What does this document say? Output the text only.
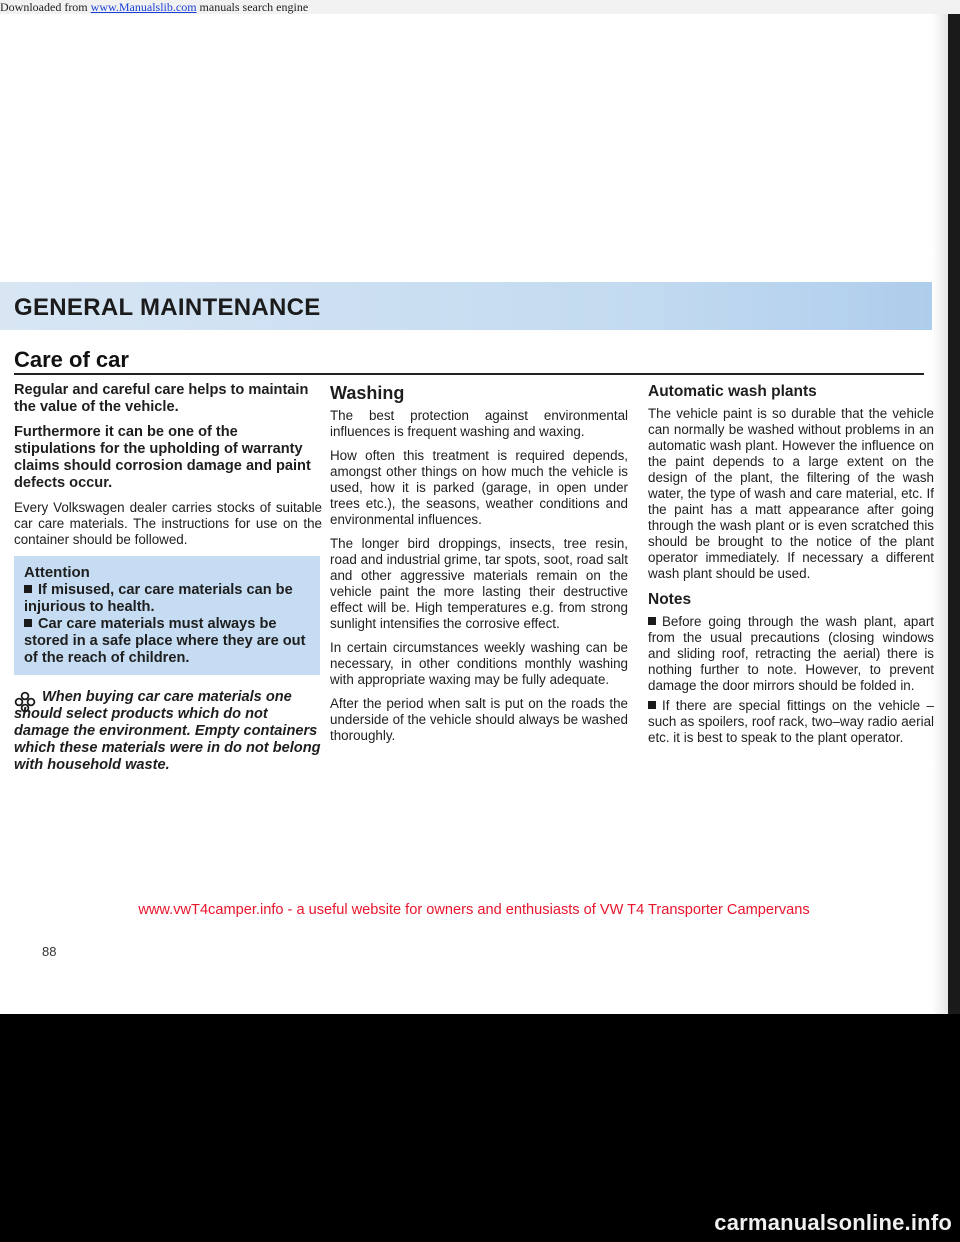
Downloaded from www.Manualslib.com manuals search engine
GENERAL MAINTENANCE
Care of car

Regular and careful care helps to maintain the value of the vehicle.

Furthermore it can be one of the stipulations for the upholding of warranty claims should corrosion damage and paint defects occur.

Every Volkswagen dealer carries stocks of suitable car care materials. The instructions for use on the container should be followed.

Attention
If misused, car care materials can be injurious to health.
Car care materials must always be stored in a safe place where they are out of the reach of children.

When buying car care materials one should select products which do not damage the environment. Empty containers which these materials were in do not belong with household waste.

Washing

The best protection against environmental influences is frequent washing and waxing.

How often this treatment is required depends, amongst other things on how much the vehicle is used, how it is parked (garage, in open under trees etc.), the seasons, weather conditions and environmental influences.

The longer bird droppings, insects, tree resin, road and industrial grime, tar spots, soot, road salt and other aggressive materials remain on the vehicle paint the more lasting their destructive effect will be. High temperatures e.g. from strong sunlight intensifies the corrosive effect.

In certain circumstances weekly washing can be necessary, in other conditions monthly washing with appropriate waxing may be fully adequate.

After the period when salt is put on the roads the underside of the vehicle should always be washed thoroughly.

Automatic wash plants

The vehicle paint is so durable that the vehicle can normally be washed without problems in an automatic wash plant. However the influence on the paint depends to a large extent on the design of the plant, the filtering of the wash water, the type of wash and care material, etc. If the paint has a matt appearance after going through the wash plant or is even scratched this should be brought to the notice of the plant operator immediately. If necessary a different wash plant should be used.

Notes

Before going through the wash plant, apart from the usual precautions (closing windows and sliding roof, retracting the aerial) there is nothing further to note. However, to prevent damage the door mirrors should be folded in.

If there are special fittings on the vehicle – such as spoilers, roof rack, two–way radio aerial etc. it is best to speak to the plant operator.

www.vwT4camper.info - a useful website for owners and enthusiasts of VW T4 Transporter Campervans
88
carmanualsonline.info
